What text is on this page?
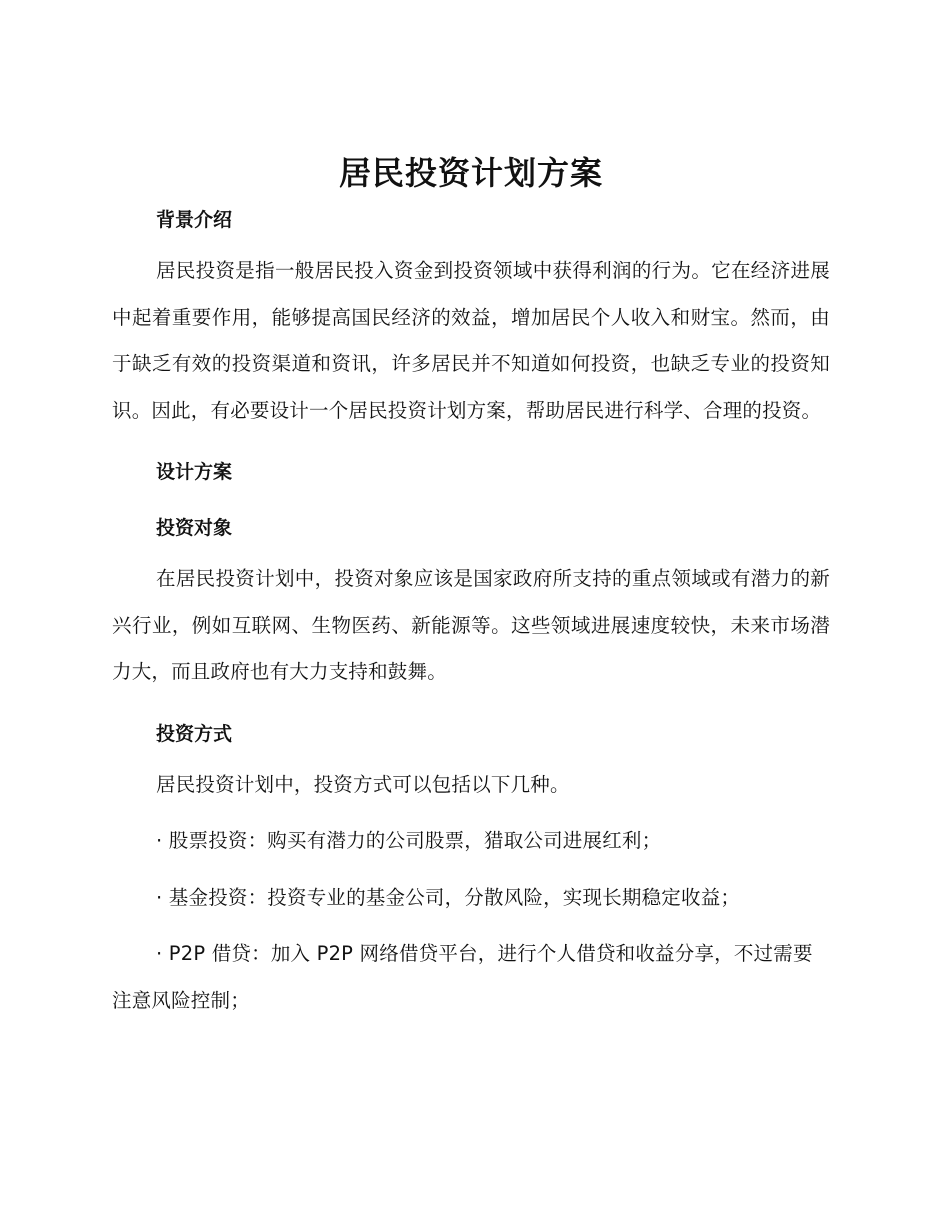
居民投资计划方案

背景介绍

居民投资是指一般居民投入资金到投资领域中获得利润的行为。它在经济进展中起着重要作用，能够提高国民经济的效益，增加居民个人收入和财宝。然而，由于缺乏有效的投资渠道和资讯，许多居民并不知道如何投资，也缺乏专业的投资知识。因此，有必要设计一个居民投资计划方案，帮助居民进行科学、合理的投资。

设计方案

投资对象

在居民投资计划中，投资对象应该是国家政府所支持的重点领域或有潜力的新兴行业，例如互联网、生物医药、新能源等。这些领域进展速度较快，未来市场潜力大，而且政府也有大力支持和鼓舞。

投资方式

居民投资计划中，投资方式可以包括以下几种。

· 股票投资：购买有潜力的公司股票，猎取公司进展红利；

· 基金投资：投资专业的基金公司，分散风险，实现长期稳定收益；

· P2P 借贷：加入 P2P 网络借贷平台，进行个人借贷和收益分享，不过需要注意风险控制；
